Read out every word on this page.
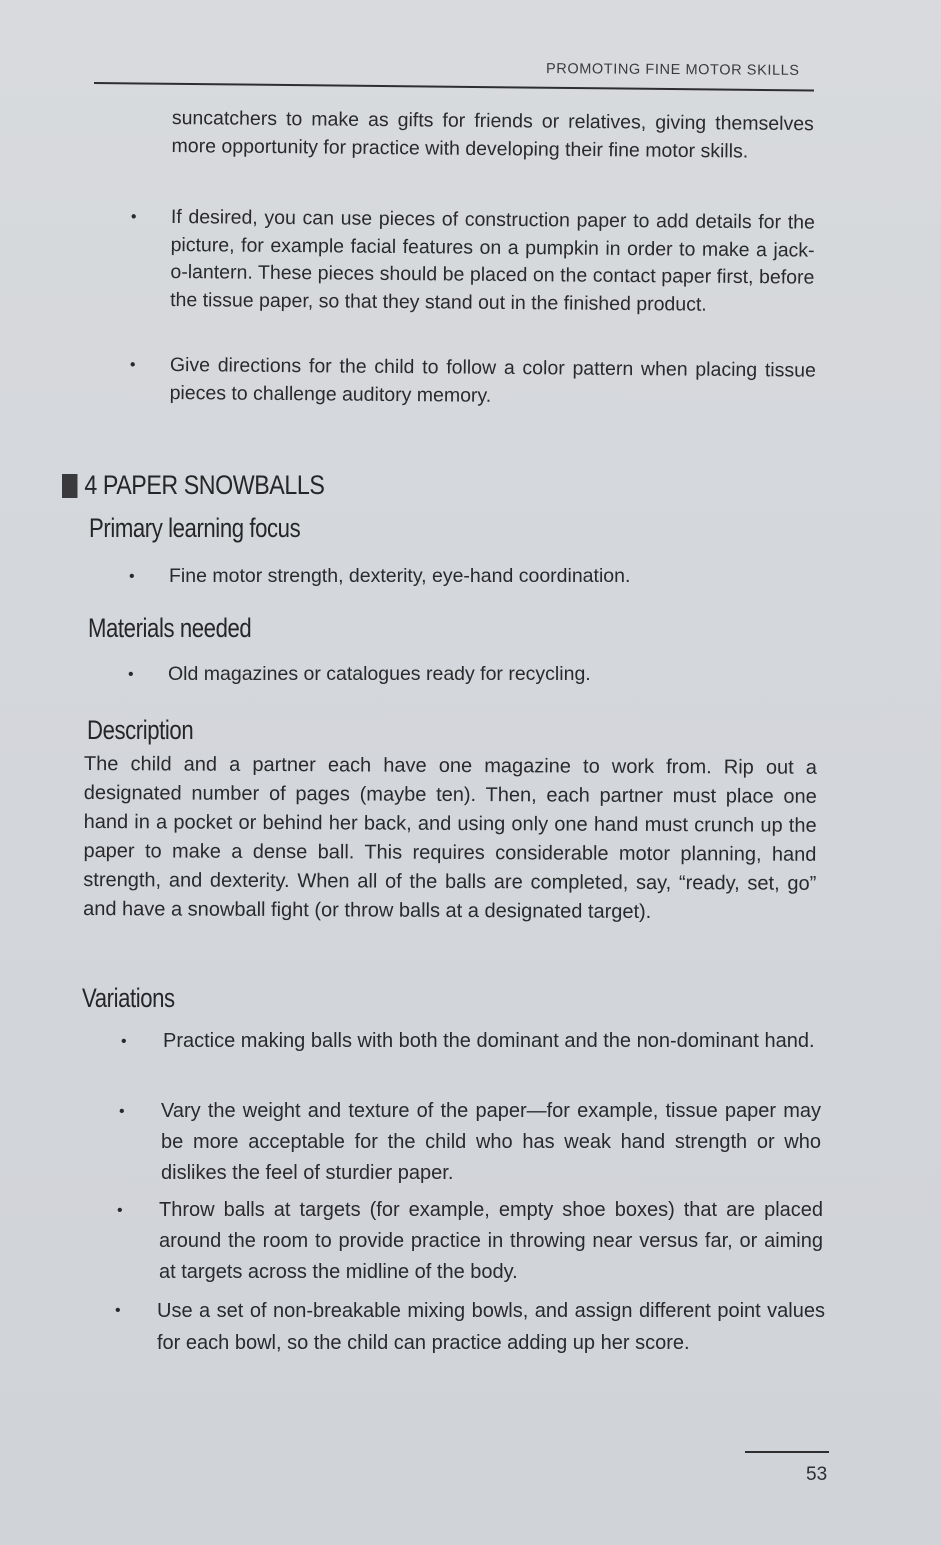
PROMOTING FINE MOTOR SKILLS
suncatchers to make as gifts for friends or relatives, giving themselves more opportunity for practice with developing their fine motor skills.
• If desired, you can use pieces of construction paper to add details for the picture, for example facial features on a pumpkin in order to make a jack-o-lantern. These pieces should be placed on the contact paper first, before the tissue paper, so that they stand out in the finished product.
• Give directions for the child to follow a color pattern when placing tissue pieces to challenge auditory memory.
4 PAPER SNOWBALLS
Primary learning focus
• Fine motor strength, dexterity, eye-hand coordination.
Materials needed
• Old magazines or catalogues ready for recycling.
Description
The child and a partner each have one magazine to work from. Rip out a designated number of pages (maybe ten). Then, each partner must place one hand in a pocket or behind her back, and using only one hand must crunch up the paper to make a dense ball. This requires considerable motor planning, hand strength, and dexterity. When all of the balls are completed, say, “ready, set, go” and have a snowball fight (or throw balls at a designated target).
Variations
• Practice making balls with both the dominant and the non-dominant hand.
• Vary the weight and texture of the paper—for example, tissue paper may be more acceptable for the child who has weak hand strength or who dislikes the feel of sturdier paper.
• Throw balls at targets (for example, empty shoe boxes) that are placed around the room to provide practice in throwing near versus far, or aiming at targets across the midline of the body.
• Use a set of non-breakable mixing bowls, and assign different point values for each bowl, so the child can practice adding up her score.
53
